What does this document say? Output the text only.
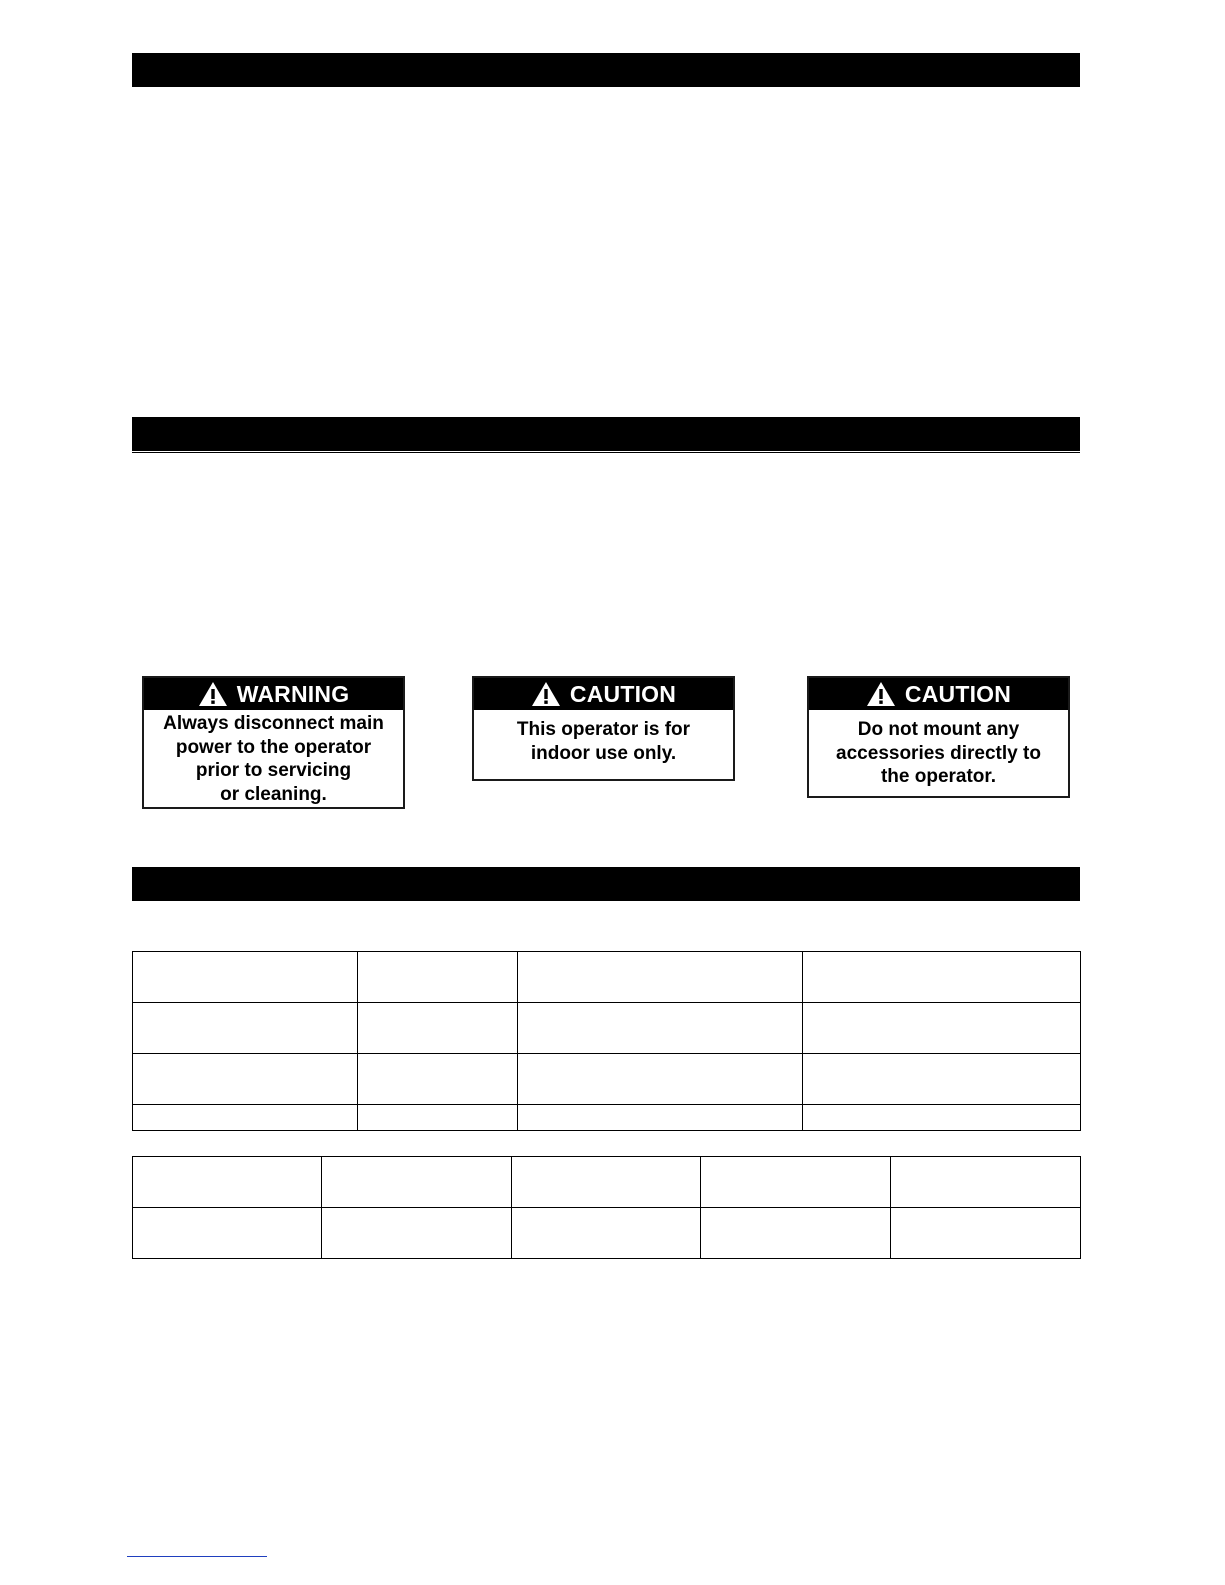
WARNING
Always disconnect main
power to the operator
prior to servicing
or cleaning.
CAUTION
This operator is for
indoor use only.
CAUTION
Do not mount any
accessories directly to
the operator.
